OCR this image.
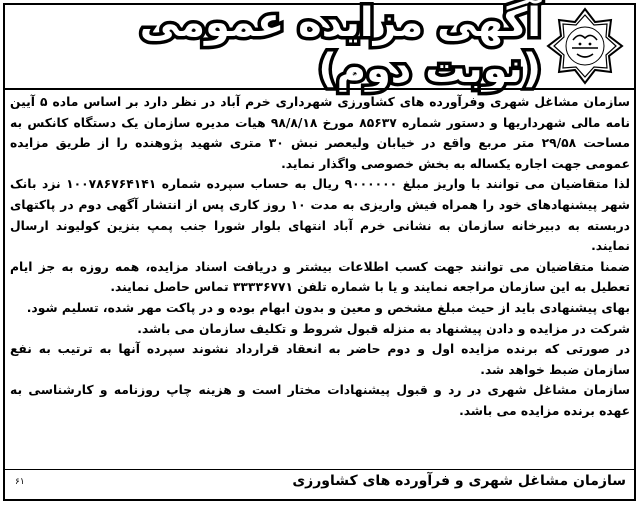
آگهی مزایده عمومی (نوبت دوم)

سازمان مشاغل شهری وفرآورده های کشاورزی شهرداری خرم آباد در نظر دارد بر اساس ماده ۵ آیین نامه مالی شهرداریها و دستور شماره ۸۵۶۳۷ مورخ ۹۸/۸/۱۸ هیات مدیره سازمان یک دستگاه کانکس به مساحت ۲۹/۵۸ متر مربع واقع در خیابان ولیعصر نبش ۳۰ متری شهید پژوهنده را از طریق مزایده عمومی جهت اجاره یکساله به بخش خصوصی واگذار نماید.

لذا متقاضیان می توانند با واریز مبلغ ۹۰۰۰۰۰۰ ریال به حساب سپرده شماره ۱۰۰۷۸۶۷۶۴۱۴۱ نزد بانک شهر پیشنهادهای خود را همراه فیش واریزی به مدت ۱۰ روز کاری پس از انتشار آگهی دوم در پاکتهای دربسته به دبیرخانه سازمان به نشانی خرم آباد انتهای بلوار شورا جنب پمپ بنزین کولیوند ارسال نمایند.

ضمنا متقاضیان می توانند جهت کسب اطلاعات بیشتر و دریافت اسناد مزایده، همه روزه به جز ایام تعطیل به این سازمان مراجعه نمایند و یا با شماره تلفن ۳۳۳۳۶۷۷۱ تماس حاصل نمایند.

بهای پیشنهادی باید از حیث مبلغ مشخص و معین و بدون ابهام بوده و در پاکت مهر شده، تسلیم شود.

شرکت در مزایده و دادن پیشنهاد به منزله قبول شروط و تکلیف سازمان می باشد.

در صورتی که برنده مزایده اول و دوم حاضر به انعقاد قرارداد نشوند سپرده آنها به ترتیب به نفع سازمان ضبط خواهد شد.

سازمان مشاغل شهری در رد و قبول پیشنهادات مختار است و هزینه چاپ روزنامه و کارشناسی به عهده برنده مزایده می باشد.

سازمان مشاغل شهری و فرآورده های کشاورزی
۶۱
